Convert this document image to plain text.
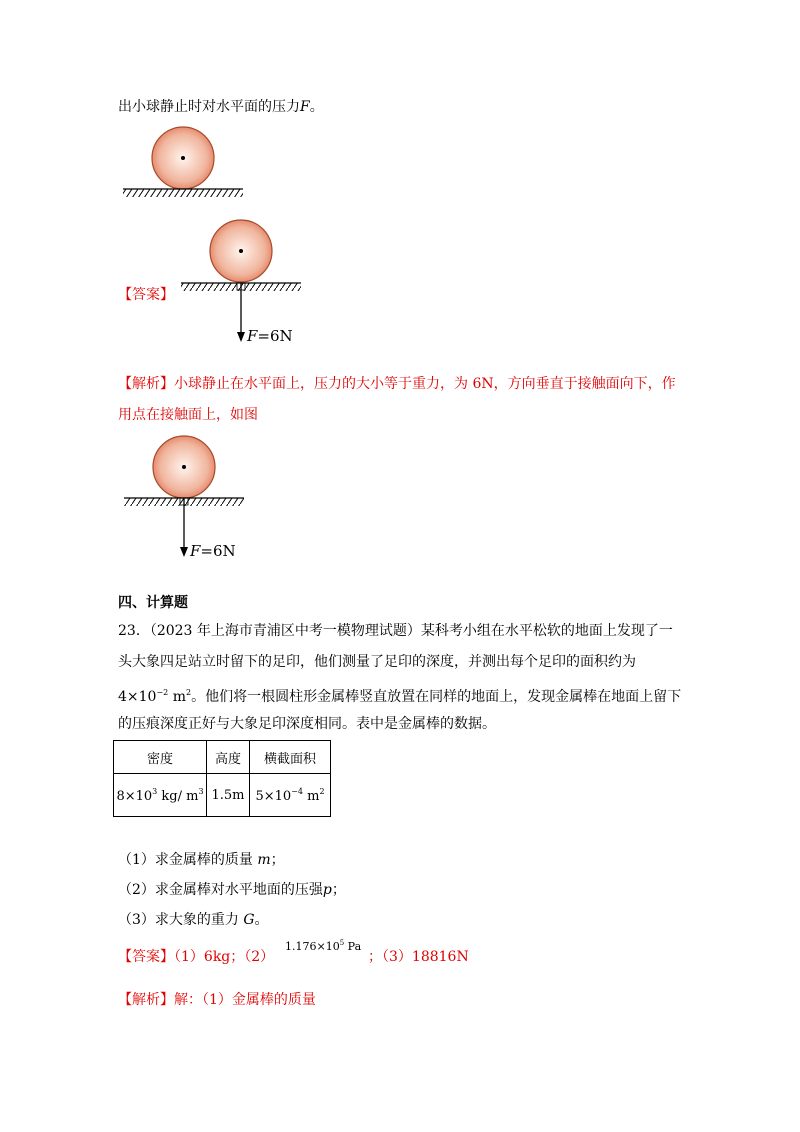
出小球静止时对水平面的压力F。
【答案】
F=6N
【解析】小球静止在水平面上，压力的大小等于重力，为 6N，方向垂直于接触面向下，作
用点在接触面上，如图
F=6N
四、计算题
23．（2023 年上海市青浦区中考一模物理试题）某科考小组在水平松软的地面上发现了一
头大象四足站立时留下的足印，他们测量了足印的深度，并测出每个足印的面积约为
$4\times 10^{-2}$ $m^2$。他们将一根圆柱形金属棒竖直放置在同样的地面上，发现金属棒在地面上留下
的压痕深度正好与大象足印深度相同。表中是金属棒的数据。
密度	高度	横截面积
$8\times 10^3$ kg/ $m^3$	1.5m	$5\times 10^{-4}$ $m^2$
（1）求金属棒的质量 m；
（2）求金属棒对水平地面的压强p；
（3）求大象的重力 G。
【答案】（1）6kg；（2）
$1.176\times 10^5$ Pa
；（3）18816N
【解析】解：（1）金属棒的质量
